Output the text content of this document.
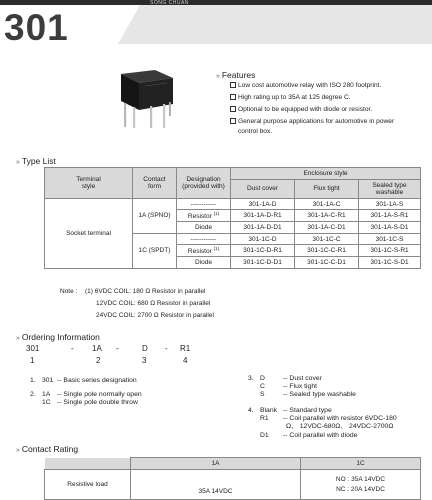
SONG CHUAN
301
» Features
Low cost automotive relay with ISO 280 footprint.
High rating up to 35A at 125 degree C.
Optional to be equipped with diode or resistor.
General purpose applications for automotive in power
control box.
» Type List
Terminal
style	Contact
form	Designation
(provided with)	Enclosure style		
			Dust cover	Flux tight	Sealed type
washable
Socket terminal	1A (SPNO)	------------	301-1A-D	301-1A-C	301-1A-S
		Resistor $^{(1)}$	301-1A-D-R1	301-1A-C-R1	301-1A-S-R1
		Diode	301-1A-D-D1	301-1A-C-D1	301-1A-S-D1
	1C (SPDT)	------------	301-1C-D	301-1C-C	301-1C-S
		Resistor $^{(1)}$	301-1C-D-R1	301-1C-C-R1	301-1C-S-R1
		Diode	301-1C-D-D1	301-1C-C-D1	301-1C-S-D1
Note : (1) 6VDC COIL: 180 Ω Resistor in parallel
12VDC COIL: 680 Ω Resistor in parallel
24VDC COIL: 2700 Ω Resistor in parallel
» Ordering Information
301	- 1A -	D - R1
1	2	3	4
1. 301 -- Basic series designation
2. 1A -- Single pole normally open
1C -- Single pole double throw
3. D	-- Dust cover
C	-- Flux tight
S	-- Sealed type washable
4. Blank -- Standard type
R1 -- Coil parallel with resistor 6VDC-180
Ω、 12VDC-680Ω、 24VDC-2700Ω
D1 -- Coil parallel with diode
» Contact Rating
	1A	1C
Resistive load	35A 14VDC	NO : 35A 14VDC
NC : 20A 14VDC
